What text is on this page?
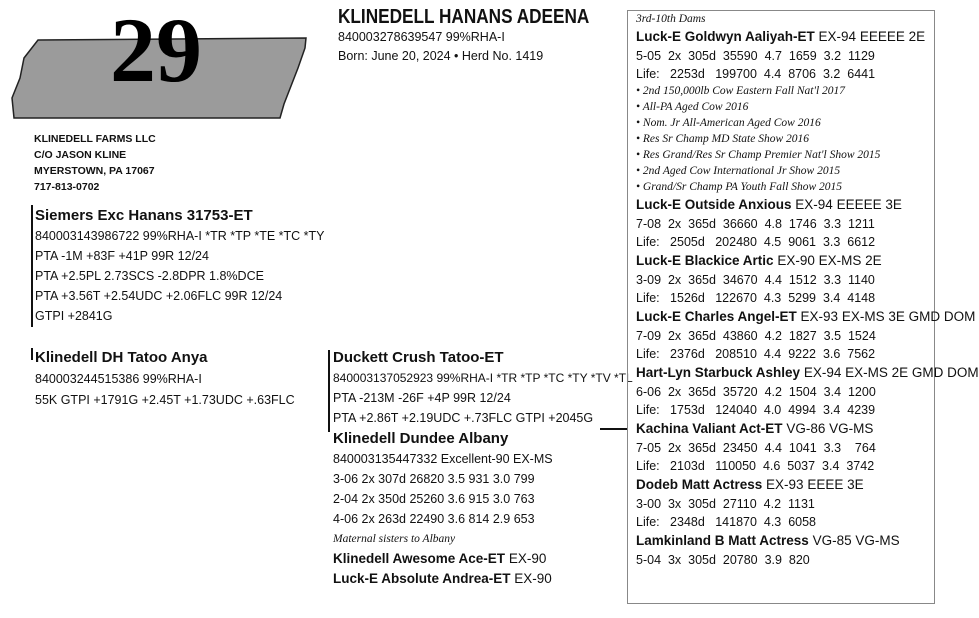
29	KLINEDELL HANANS ADEENA
840003278639547 99%RHA-I
Born: June 20, 2024 • Herd No. 1419
KLINEDELL FARMS LLC
C/O JASON KLINE
MYERSTOWN, PA 17067
717-813-0702
Siemers Exc Hanans 31753-ET
840003143986722 99%RHA-I *TR *TP *TE *TC *TY
PTA -1M +83F +41P 99R 12/24
PTA +2.5PL 2.73SCS -2.8DPR 1.8%DCE
PTA +3.56T +2.54UDC +2.06FLC 99R 12/24
GTPI +2841G
Klinedell DH Tatoo Anya
840003244515386 99%RHA-I
55K GTPI +1791G +2.45T +1.73UDC +.63FLC
Duckett Crush Tatoo-ET
840003137052923 99%RHA-I *TR *TP *TC *TY *TV *TL
PTA -213M -26F +4P 99R 12/24
PTA +2.86T +2.19UDC +.73FLC GTPI +2045G
Klinedell Dundee Albany
840003135447332 Excellent-90 EX-MS
3-06 2x 307d 26820 3.5 931 3.0 799
2-04 2x 350d 25260 3.6 915 3.0 763
4-06 2x 263d 22490 3.6 814 2.9 653
Maternal sisters to Albany
Klinedell Awesome Ace-ET EX-90
Luck-E Absolute Andrea-ET EX-90
3rd-10th Dams
Luck-E Goldwyn Aaliyah-ET EX-94 EEEEE 2E
5-05  2x  305d  35590  4.7  1659  3.2  1129
Life:   2253d   199700  4.4  8706  3.2  6441
• 2nd 150,000lb Cow Eastern Fall Nat'l 2017
• All-PA Aged Cow 2016
• Nom. Jr All-American Aged Cow 2016
• Res Sr Champ MD State Show 2016
• Res Grand/Res Sr Champ Premier Nat'l Show 2015
• 2nd Aged Cow International Jr Show 2015
• Grand/Sr Champ PA Youth Fall Show 2015
Luck-E Outside Anxious EX-94 EEEEE 3E
7-08  2x  365d  36660  4.8  1746  3.3  1211
Life:   2505d   202480  4.5  9061  3.3  6612
Luck-E Blackice Artic EX-90 EX-MS 2E
3-09  2x  365d  34670  4.4  1512  3.3  1140
Life:   1526d   122670  4.3  5299  3.4  4148
Luck-E Charles Angel-ET EX-93 EX-MS 3E GMD DOM
7-09  2x  365d  43860  4.2  1827  3.5  1524
Life:   2376d   208510  4.4  9222  3.6  7562
Hart-Lyn Starbuck Ashley EX-94 EX-MS 2E GMD DOM
6-06  2x  365d  35720  4.2  1504  3.4  1200
Life:   1753d   124040  4.0  4994  3.4  4239
Kachina Valiant Act-ET VG-86 VG-MS
7-05  2x  365d  23450  4.4  1041  3.3    764
Life:   2103d   110050  4.6  5037  3.4  3742
Dodeb Matt Actress EX-93 EEEE 3E
3-00  3x  305d  27110  4.2  1131
Life:   2348d   141870  4.3  6058
Lamkinland B Matt Actress VG-85 VG-MS
5-04  3x  305d  20780  3.9  820
